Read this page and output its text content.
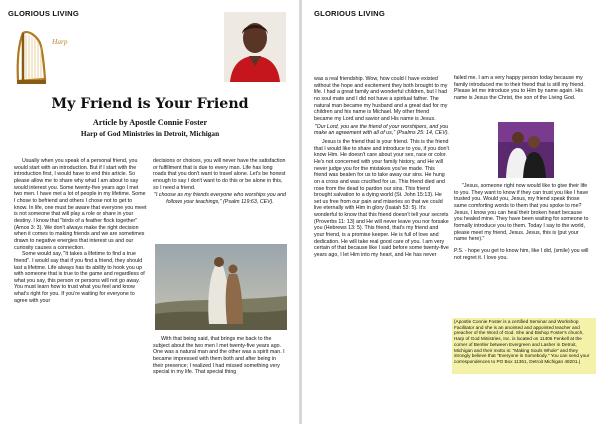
GLORIOUS LIVING
Harp
My Friend is Your Friend
Article by Apostle Connie Foster
Harp of God Ministries in Detroit, Michigan

Usually when you speak of a personal friend, you would start with an introduction. But if I start with the introduction first, I would have to end this article. So please allow me to share why what I am about to say would interest you. Some twenty-five years ago I met two men. I have met a lot of people in my lifetime. Some I chose to befriend and others I chose not to get to know. In life, one must be aware that everyone you meet is not someone that will play a role or share in your destiny. I know that "birds of a feather flock together" (Amos 3: 3). We don't always make the right decision when it comes to making friends and we are sometimes drawn to negative energies that interest us and our curiosity causes a connection.

Some would say, "It takes a lifetime to find a true friend". I would say that if you find a friend, they should last a lifetime. Life always has its ability to hook you up with someone that is true to the game and regardless of what you say, this person or persons will not go away. You must learn how to trust what you feel and know what's right for you. If you're waiting for everyone to agree with your

decisions or choices, you will never have the satisfaction or fulfillment that is due to every man. Life has long roads that you don't want to travel alone. Let's be honest enough to say I don't want to do this or be alone in this, so I need a friend.

"I choose as my friends everyone who worships you and follows your teachings," (Psalm 119:63, CEV).

With that being said, that brings me back to the subject about the two men I met twenty-five years ago. One was a natural man and the other was a spirit man. I became impressed with them both and after being in their presence; I realized I had missed something very special in my life. That special thing

GLORIOUS LIVING

was a real friendship. Wow, how could I have existed without the hope and excitement they both brought to my life. I had a great family and wonderful children, but I had no soul mate and I did not have a spiritual father. The natural man became my husband and a great dad for my children and his name is Michael. My other friend became my Lord and savior and His name is Jesus.

"Our Lord, you are the friend of your worshipers, and you make an agreement with all of us," (Psalms 25: 14, CEV).

Jesus is the friend that is your friend. This is the friend that I would like to share and introduce to you, if you don't know Him. He doesn't care about your sex, race or color. He's not concerned with your family history, and He will never judge you for the mistakes you've made. This friend was beaten for us to take away our sins. He hung on a cross and was crucified for us. This friend died and rose from the dead to pardon our sins. This friend brought salvation to a dying world (St. John 15:13). He set us free from our pain and miseries so that we could live eternally with Him in glory (Isaiah 53: 5). It's wonderful to know that this friend doesn't tell your secrets (Proverbs 11: 13) and He will never leave you nor forsake you (Hebrews 13: 5). This friend, that's my friend and your friend, is a promise keeper. He is full of love and dedication. He will take real good care of you. I am very certain of that because like I said before some twenty-five years ago, I let Him into my heart, and He has never

failed me. I am a very happy person today because my family introduced me to their friend that is still my friend. Please let me introduce you to Him by name again. His name is Jesus the Christ, the son of the Living God.

"Jesus, someone right now would like to give their life to you. They want to know if they can trust you like I have trusted you. Would you, Jesus, my friend speak those same comforting words to them that you spoke to me? Jesus, I know you can heal their broken heart because you healed mine. They have been waiting for someone to formally introduce you to them. Today I say to the world, please meet my friend, Jesus. Jesus, this is (put your name here)."

P.S. - hope you get to know him, like I did, (smile) you will not regret it. I love you.

(Apostle Connie Foster is a certified Seminar and Workshop Facilitator and she is an anointed and appointed teacher and preacher of the Word of God. She and Bishop Foster's church, Harp of God Ministries, Inc. is located on 11406 Fenkell at the corner of Bentler between Evergreen and Lasher in Detroit, Michigan and their motto is: "Making Souls Whole" and they strongly believe that "Everyone is Somebody." You can send your correspondences to PO Box 11361, Detroit Michigan 48201.)
